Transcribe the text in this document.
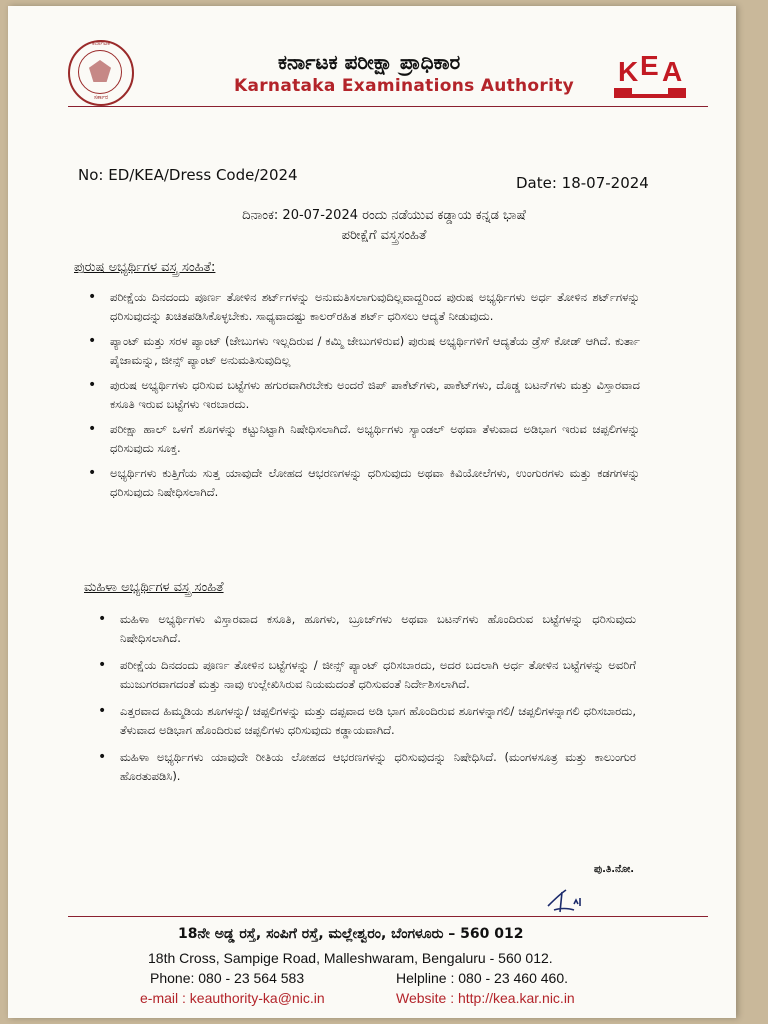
ಕರ್ನಾಟಕ
ಸರ್ಕಾರ
ಕರ್ನಾಟಕ ಪರೀಕ್ಷಾ ಪ್ರಾಧಿಕಾರ
Karnataka Examinations Authority K E A
No: ED/KEA/Dress Code/2024	Date: 18-07-2024
ದಿನಾಂಕ: 20-07-2024 ರಂದು ನಡೆಯುವ ಕಡ್ಡಾಯ ಕನ್ನಡ ಭಾಷೆ
ಪರೀಕ್ಷೆಗೆ ವಸ್ತ್ರಸಂಹಿತೆ
ಪುರುಷ ಅಭ್ಯರ್ಥಿಗಳ ವಸ್ತ್ರ ಸಂಹಿತೆ:
• ಪರೀಕ್ಷೆಯ ದಿನದಂದು ಪೂರ್ಣ ತೋಳಿನ ಶರ್ಟ್‌ಗಳನ್ನು ಅನುಮತಿಸಲಾಗುವುದಿಲ್ಲವಾದ್ದರಿಂದ ಪುರುಷ ಅಭ್ಯರ್ಥಿಗಳು ಅರ್ಧ ತೋಳಿನ ಶರ್ಟ್‌ಗಳನ್ನು ಧರಿಸುವುದನ್ನು ಖಚಿತಪಡಿಸಿಕೊಳ್ಳಬೇಕು. ಸಾಧ್ಯವಾದಷ್ಟು ಕಾಲರ್‌ರಹಿತ ಶರ್ಟ್ ಧರಿಸಲು ಆದ್ಯತೆ ನೀಡುವುದು.
• ಪ್ಯಾಂಟ್ ಮತ್ತು ಸರಳ ಪ್ಯಾಂಟ್ (ಜೇಬುಗಳು ಇಲ್ಲದಿರುವ / ಕಮ್ಮಿ ಜೇಬುಗಳಿರುವ) ಪುರುಷ ಅಭ್ಯರ್ಥಿಗಳಿಗೆ ಆದ್ಯತೆಯ ಡ್ರೆಸ್ ಕೋಡ್ ಆಗಿದೆ. ಕುರ್ತಾ ಪೈಜಾಮನ್ನು, ಜೀನ್ಸ್ ಪ್ಯಾಂಟ್ ಅನುಮತಿಸುವುದಿಲ್ಲ
• ಪುರುಷ ಅಭ್ಯರ್ಥಿಗಳು ಧರಿಸುವ ಬಟ್ಟೆಗಳು ಹಗುರವಾಗಿರಬೇಕು ಅಂದರೆ ಜಿಪ್ ಪಾಕೆಟ್‌ಗಳು, ಪಾಕೆಟ್‌ಗಳು, ದೊಡ್ಡ ಬಟನ್‌ಗಳು ಮತ್ತು ವಿಸ್ತಾರವಾದ ಕಸೂತಿ ಇರುವ ಬಟ್ಟೆಗಳು ಇರಬಾರದು.
• ಪರೀಕ್ಷಾ ಹಾಲ್ ಒಳಗೆ ಶೂಗಳನ್ನು ಕಟ್ಟುನಿಟ್ಟಾಗಿ ನಿಷೇಧಿಸಲಾಗಿದೆ. ಅಭ್ಯರ್ಥಿಗಳು ಸ್ಯಾಂಡಲ್ ಅಥವಾ ತೆಳುವಾದ ಅಡಿಭಾಗ ಇರುವ ಚಪ್ಪಲಿಗಳನ್ನು ಧರಿಸುವುದು ಸೂಕ್ತ.
• ಅಭ್ಯರ್ಥಿಗಳು ಕುತ್ತಿಗೆಯ ಸುತ್ತ ಯಾವುದೇ ಲೋಹದ ಆಭರಣಗಳನ್ನು ಧರಿಸುವುದು ಅಥವಾ ಕಿವಿಯೋಲೆಗಳು, ಉಂಗುರಗಳು ಮತ್ತು ಕಡಗಗಳನ್ನು ಧರಿಸುವುದು ನಿಷೇಧಿಸಲಾಗಿದೆ.
ಮಹಿಳಾ ಅಭ್ಯರ್ಥಿಗಳ ವಸ್ತ್ರ ಸಂಹಿತೆ
• ಮಹಿಳಾ ಅಭ್ಯರ್ಥಿಗಳು ವಿಸ್ತಾರವಾದ ಕಸೂತಿ, ಹೂಗಳು, ಬ್ರೂಚ್‌ಗಳು ಅಥವಾ ಬಟನ್‌ಗಳು ಹೊಂದಿರುವ ಬಟ್ಟೆಗಳನ್ನು ಧರಿಸುವುದು ನಿಷೇಧಿಸಲಾಗಿದೆ.
• ಪರೀಕ್ಷೆಯ ದಿನದಂದು ಪೂರ್ಣ ತೋಳಿನ ಬಟ್ಟೆಗಳನ್ನು / ಜೀನ್ಸ್ ಪ್ಯಾಂಟ್ ಧರಿಸಬಾರದು, ಅದರ ಬದಲಾಗಿ ಅರ್ಧ ತೋಳಿನ ಬಟ್ಟೆಗಳನ್ನು ಅವರಿಗೆ ಮುಜುಗರವಾಗದಂತೆ ಮತ್ತು ನಾವು ಉಲ್ಲೇಖಿಸಿರುವ ನಿಯಮದಂತೆ ಧರಿಸುವಂತೆ ನಿರ್ದೇಶಿಸಲಾಗಿದೆ.
• ಎತ್ತರವಾದ ಹಿಮ್ಮಡಿಯ ಶೂಗಳನ್ನು/ ಚಪ್ಪಲಿಗಳನ್ನು ಮತ್ತು ದಪ್ಪವಾದ ಅಡಿ ಭಾಗ ಹೊಂದಿರುವ ಶೂಗಳನ್ನಾಗಲಿ/ ಚಪ್ಪಲಿಗಳನ್ನಾಗಲಿ ಧರಿಸಬಾರದು, ತೆಳುವಾದ ಅಡಿಭಾಗ ಹೊಂದಿರುವ ಚಪ್ಪಲಿಗಳು ಧರಿಸುವುದು ಕಡ್ಡಾಯವಾಗಿದೆ.
• ಮಹಿಳಾ ಅಭ್ಯರ್ಥಿಗಳು ಯಾವುದೇ ರೀತಿಯ ಲೋಹದ ಆಭರಣಗಳನ್ನು ಧರಿಸುವುದನ್ನು ನಿಷೇಧಿಸಿದೆ. (ಮಂಗಳಸೂತ್ರ ಮತ್ತು ಕಾಲುಂಗುರ ಹೊರತುಪಡಿಸಿ).
ಪು.ತಿ.ನೋ.
18ನೇ ಅಡ್ಡ ರಸ್ತೆ, ಸಂಪಿಗೆ ರಸ್ತೆ, ಮಲ್ಲೇಶ್ವರಂ, ಬೆಂಗಳೂರು – 560 012
18th Cross, Sampige Road, Malleshwaram, Bengaluru - 560 012.
Phone: 080 - 23 564 583	Helpline : 080 - 23 460 460.
e-mail : keauthority-ka@nic.in	Website : http://kea.kar.nic.in
